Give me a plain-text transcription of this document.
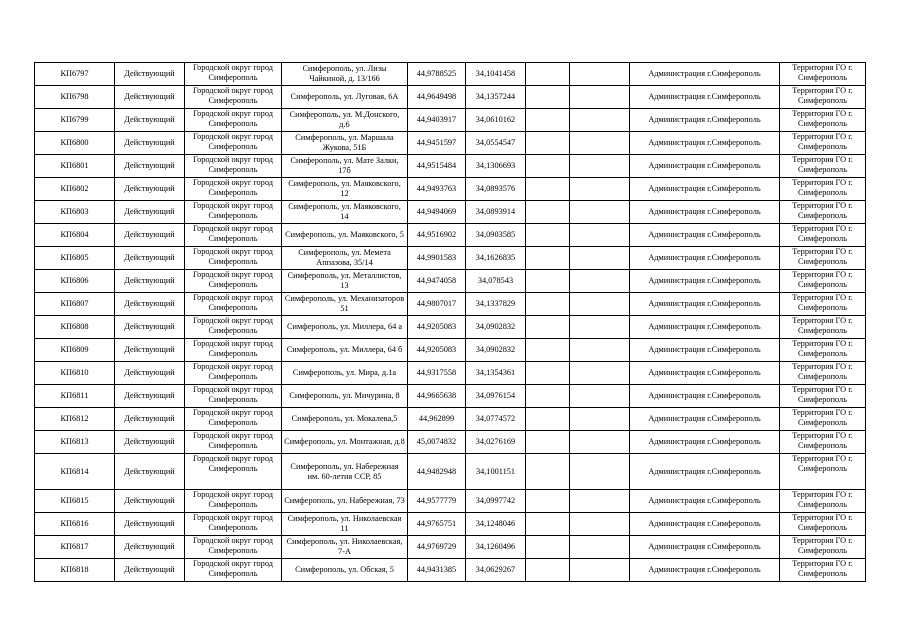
КП6797	Действующий	Городской округ город Симферополь	Симферополь, ул. Лизы Чайкиной, д. 13/166	44,9788525	34,1041458			Администрация г.Симферополь	Территория ГО г. Симферополь
КП6798	Действующий	Городской округ город Симферополь	Симферополь, ул. Луговая, 6А	44,9649498	34,1357244			Администрация г.Симферополь	Территория ГО г. Симферополь
КП6799	Действующий	Городской округ город Симферополь	Симферополь, ул. М.Донского, д.6	44,9403917	34,0610162			Администрация г.Симферополь	Территория ГО г. Симферополь
КП6800	Действующий	Городской округ город Симферополь	Симферополь, ул. Маршала Жукова, 51Б	44,9451597	34,0554547			Администрация г.Симферополь	Территория ГО г. Симферополь
КП6801	Действующий	Городской округ город Симферополь	Симферополь, ул. Мате Залки, 17б	44,9515484	34,1306693			Администрация г.Симферополь	Территория ГО г. Симферополь
КП6802	Действующий	Городской округ город Симферополь	Симферополь, ул. Маяковского, 12	44,9493763	34,0893576			Администрация г.Симферополь	Территория ГО г. Симферополь
КП6803	Действующий	Городской округ город Симферополь	Симферополь, ул. Маяковского, 14	44,9494069	34,0893914			Администрация г.Симферополь	Территория ГО г. Симферополь
КП6804	Действующий	Городской округ город Симферополь	Симферополь, ул. Маяковского, 5	44,9516902	34,0903585			Администрация г.Симферополь	Территория ГО г. Симферополь
КП6805	Действующий	Городской округ город Симферополь	Симферополь, ул. Мемета Аппазова, 35/14	44,9901583	34,1626835			Администрация г.Симферополь	Территория ГО г. Симферополь
КП6806	Действующий	Городской округ город Симферополь	Симферополь, ул. Металлистов, 13	44,9474058	34,078543			Администрация г.Симферополь	Территория ГО г. Симферополь
КП6807	Действующий	Городской округ город Симферополь	Симферополь, ул. Механизаторов 51	44,9807017	34,1337829			Администрация г.Симферополь	Территория ГО г. Симферополь
КП6808	Действующий	Городской округ город Симферополь	Симферополь, ул. Миллера, 64 а	44,9205083	34,0902832			Администрация г.Симферополь	Территория ГО г. Симферополь
КП6809	Действующий	Городской округ город Симферополь	Симферополь, ул. Миллера, 64 б	44,9205083	34,0902832			Администрация г.Симферополь	Территория ГО г. Симферополь
КП6810	Действующий	Городской округ город Симферополь	Симферополь, ул. Мира, д.1а	44,9317558	34,1354361			Администрация г.Симферополь	Территория ГО г. Симферополь
КП6811	Действующий	Городской округ город Симферополь	Симферополь, ул. Мичурина, 8	44,9665638	34,0976154			Администрация г.Симферополь	Территория ГО г. Симферополь
КП6812	Действующий	Городской округ город Симферополь	Симферополь, ул. Мокалева,5	44,962899	34,0774572			Администрация г.Симферополь	Территория ГО г. Симферополь
КП6813	Действующий	Городской округ город Симферополь	Симферополь, ул. Монтажная, д.8	45,0074832	34,0276169			Администрация г.Симферополь	Территория ГО г. Симферополь
КП6814	Действующий	Городской округ город Симферополь	Симферополь, ул. Набережная им. 60-летия ССР, 85	44,9482948	34,1001151			Администрация г.Симферополь	Территория ГО г. Симферополь
КП6815	Действующий	Городской округ город Симферополь	Симферополь, ул. Набережная, 73	44,9577779	34,0997742			Администрация г.Симферополь	Территория ГО г. Симферополь
КП6816	Действующий	Городской округ город Симферополь	Симферополь, ул. Николаевская 11	44,9765751	34,1248046			Администрация г.Симферополь	Территория ГО г. Симферополь
КП6817	Действующий	Городской округ город Симферополь	Симферополь, ул. Николаевская, 7-А	44,9769729	34,1260496			Администрация г.Симферополь	Территория ГО г. Симферополь
КП6818	Действующий	Городской округ город Симферополь	Симферополь, ул. Обская, 5	44,9431385	34,0629267			Администрация г.Симферополь	Территория ГО г. Симферополь
